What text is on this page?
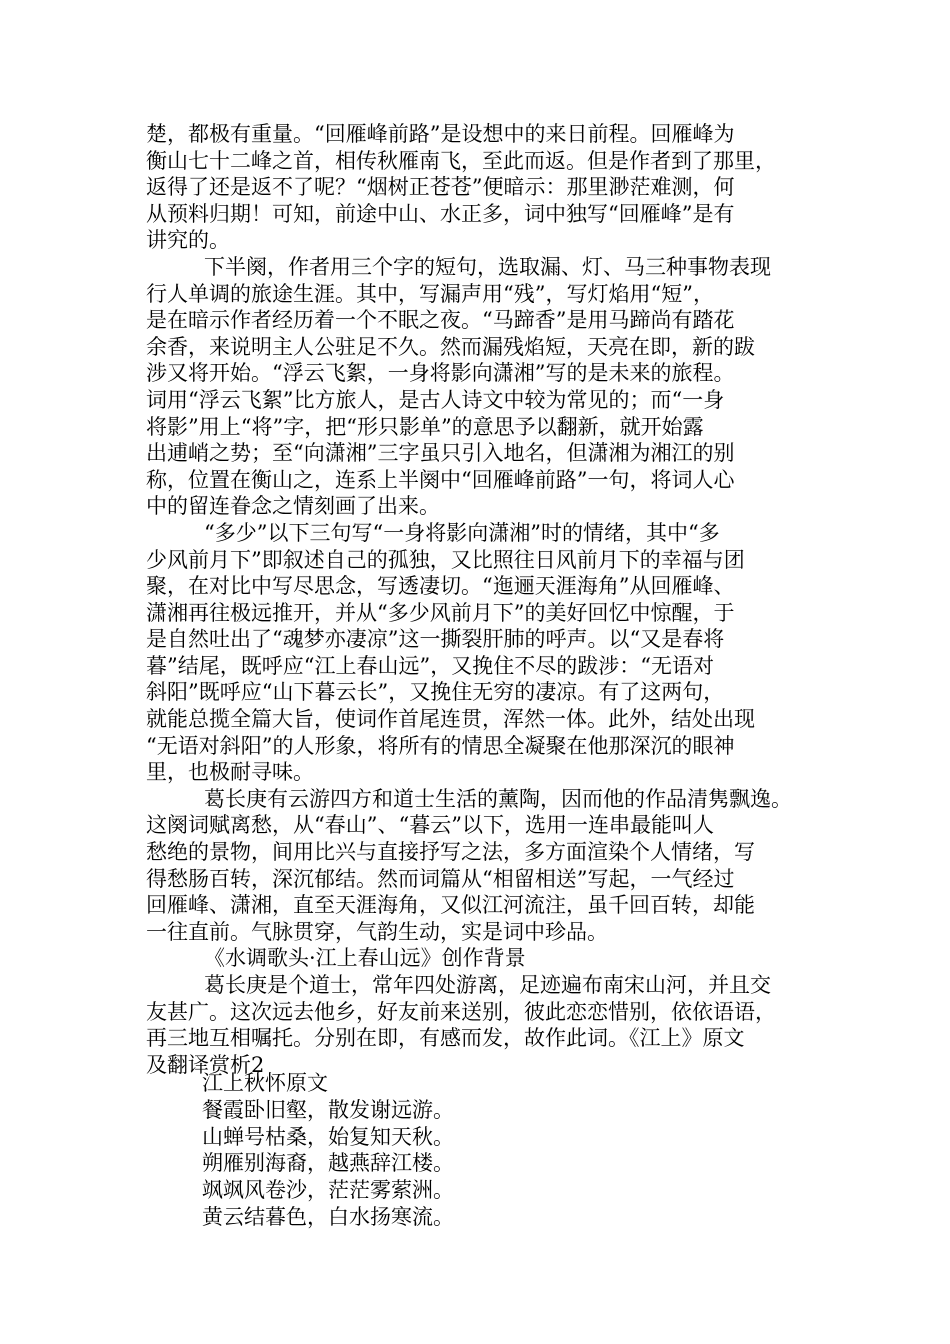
楚，都极有重量。“回雁峰前路”是设想中的来日前程。回雁峰为
衡山七十二峰之首，相传秋雁南飞，至此而返。但是作者到了那里，
返得了还是返不了呢？“烟树正苍苍”便暗示：那里渺茫难测，何
从预料归期！可知，前途中山、水正多，词中独写“回雁峰”是有
讲究的。
下半阕，作者用三个字的短句，选取漏、灯、马三种事物表现
行人单调的旅途生涯。其中，写漏声用“残”，写灯焰用“短”，
是在暗示作者经历着一个不眠之夜。“马蹄香”是用马蹄尚有踏花
余香，来说明主人公驻足不久。然而漏残焰短，天亮在即，新的跋
涉又将开始。“浮云飞絮，一身将影向潇湘”写的是未来的旅程。
词用“浮云飞絮”比方旅人，是古人诗文中较为常见的；而“一身
将影”用上“将”字，把“形只影单”的意思予以翻新，就开始露
出逋峭之势；至“向潇湘”三字虽只引入地名，但潇湘为湘江的别
称，位置在衡山之，连系上半阕中“回雁峰前路”一句，将词人心
中的留连眷念之情刻画了出来。
“多少”以下三句写“一身将影向潇湘”时的情绪，其中“多
少风前月下”即叙述自己的孤独，又比照往日风前月下的幸福与团
聚，在对比中写尽思念，写透凄切。“迤逦天涯海角”从回雁峰、
潇湘再往极远推开，并从“多少风前月下”的美好回忆中惊醒，于
是自然吐出了“魂梦亦凄凉”这一撕裂肝肺的呼声。以“又是春将
暮”结尾，既呼应“江上春山远”，又挽住不尽的跋涉：“无语对
斜阳”既呼应“山下暮云长”，又挽住无穷的凄凉。有了这两句，
就能总揽全篇大旨，使词作首尾连贯，浑然一体。此外，结处出现
“无语对斜阳”的人形象，将所有的情思全凝聚在他那深沉的眼神
里，也极耐寻味。
葛长庚有云游四方和道士生活的薰陶，因而他的作品清隽飘逸。
这阕词赋离愁，从“春山”、“暮云”以下，选用一连串最能叫人
愁绝的景物，间用比兴与直接抒写之法，多方面渲染个人情绪，写
得愁肠百转，深沉郁结。然而词篇从“相留相送”写起，一气经过
回雁峰、潇湘，直至天涯海角，又似江河流注，虽千回百转，却能
一往直前。气脉贯穿，气韵生动，实是词中珍品。
《水调歌头·江上春山远》创作背景
葛长庚是个道士，常年四处游离，足迹遍布南宋山河，并且交
友甚广。这次远去他乡，好友前来送别，彼此恋恋惜别，依依语语，
再三地互相嘱托。分别在即，有感而发，故作此词。《江上》原文
及翻译赏析2
江上秋怀原文
餐霞卧旧壑，散发谢远游。
山蝉号枯桑，始复知天秋。
朔雁别海裔，越燕辞江楼。
飒飒风卷沙，茫茫雾萦洲。
黄云结暮色，白水扬寒流。
